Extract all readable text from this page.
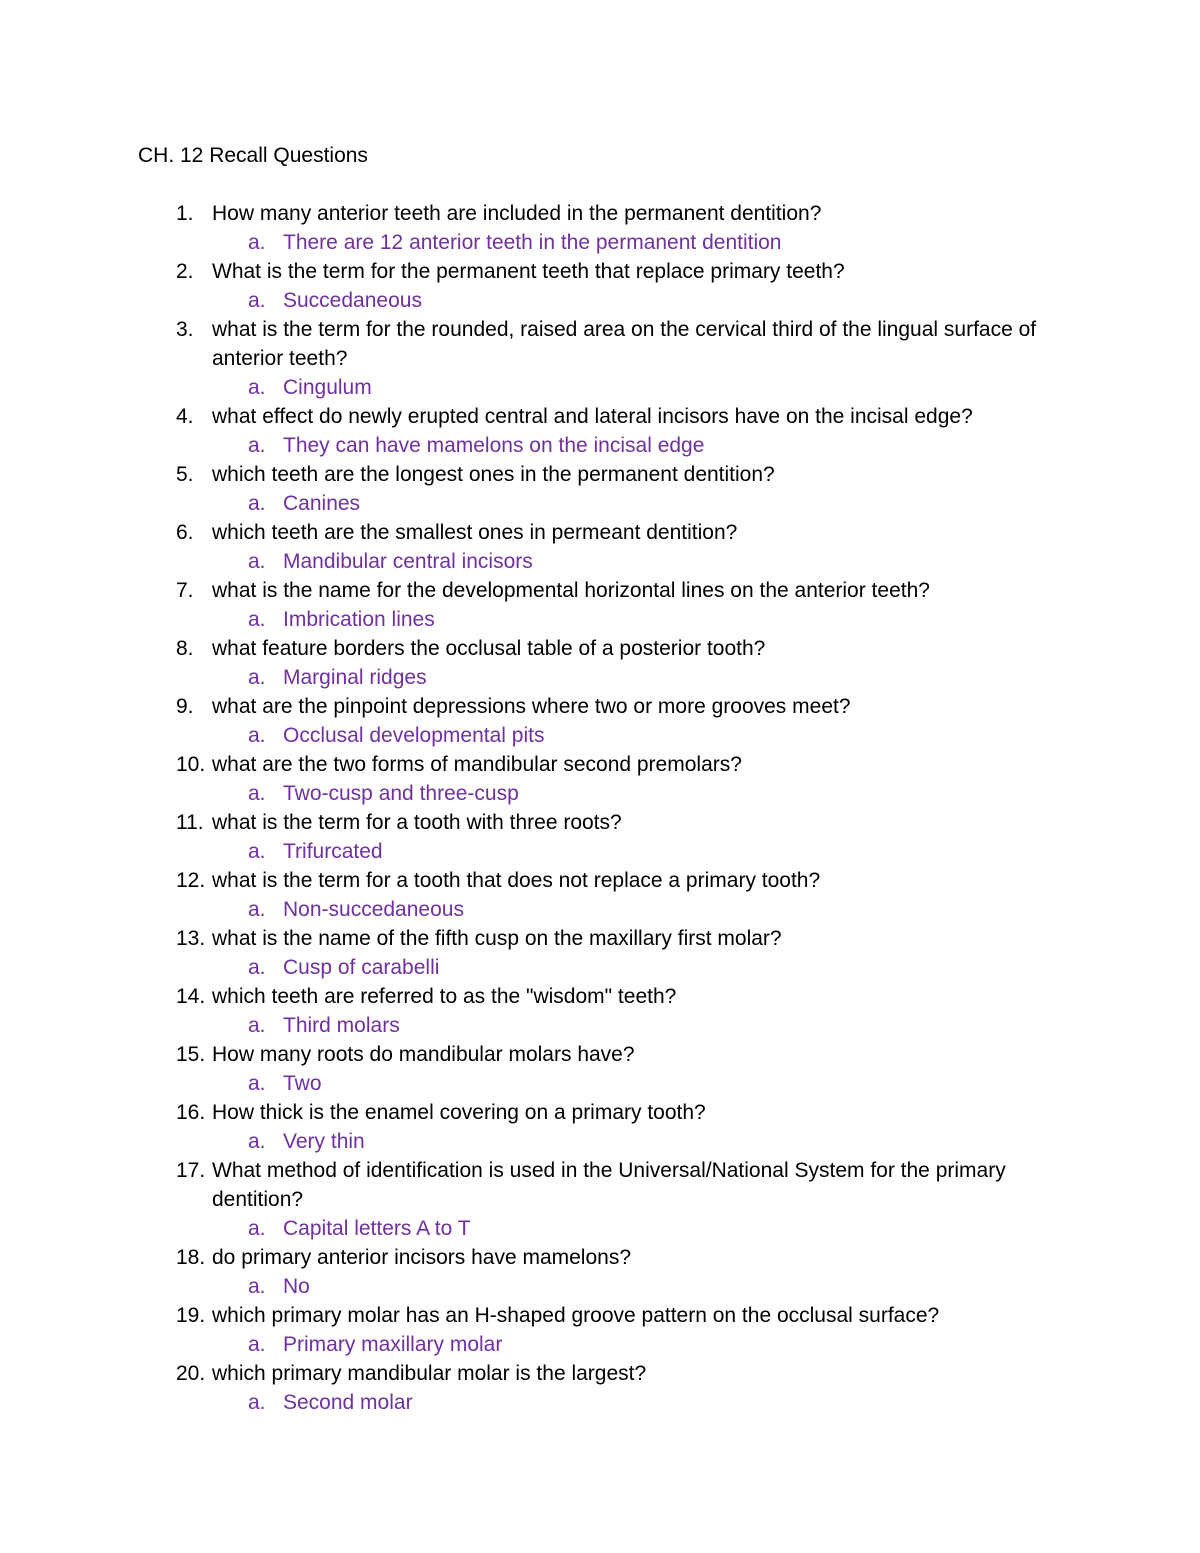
CH. 12 Recall Questions
1. How many anterior teeth are included in the permanent dentition?
a. There are 12 anterior teeth in the permanent dentition
2. What is the term for the permanent teeth that replace primary teeth?
a. Succedaneous
3. what is the term for the rounded, raised area on the cervical third of the lingual surface of anterior teeth?
a. Cingulum
4. what effect do newly erupted central and lateral incisors have on the incisal edge?
a. They can have mamelons on the incisal edge
5. which teeth are the longest ones in the permanent dentition?
a. Canines
6. which teeth are the smallest ones in permeant dentition?
a. Mandibular central incisors
7. what is the name for the developmental horizontal lines on the anterior teeth?
a. Imbrication lines
8. what feature borders the occlusal table of a posterior tooth?
a. Marginal ridges
9. what are the pinpoint depressions where two or more grooves meet?
a. Occlusal developmental pits
10. what are the two forms of mandibular second premolars?
a. Two-cusp and three-cusp
11. what is the term for a tooth with three roots?
a. Trifurcated
12. what is the term for a tooth that does not replace a primary tooth?
a. Non-succedaneous
13. what is the name of the fifth cusp on the maxillary first molar?
a. Cusp of carabelli
14. which teeth are referred to as the "wisdom" teeth?
a. Third molars
15. How many roots do mandibular molars have?
a. Two
16. How thick is the enamel covering on a primary tooth?
a. Very thin
17. What method of identification is used in the Universal/National System for the primary dentition?
a. Capital letters A to T
18. do primary anterior incisors have mamelons?
a. No
19. which primary molar has an H-shaped groove pattern on the occlusal surface?
a. Primary maxillary molar
20. which primary mandibular molar is the largest?
a. Second molar
